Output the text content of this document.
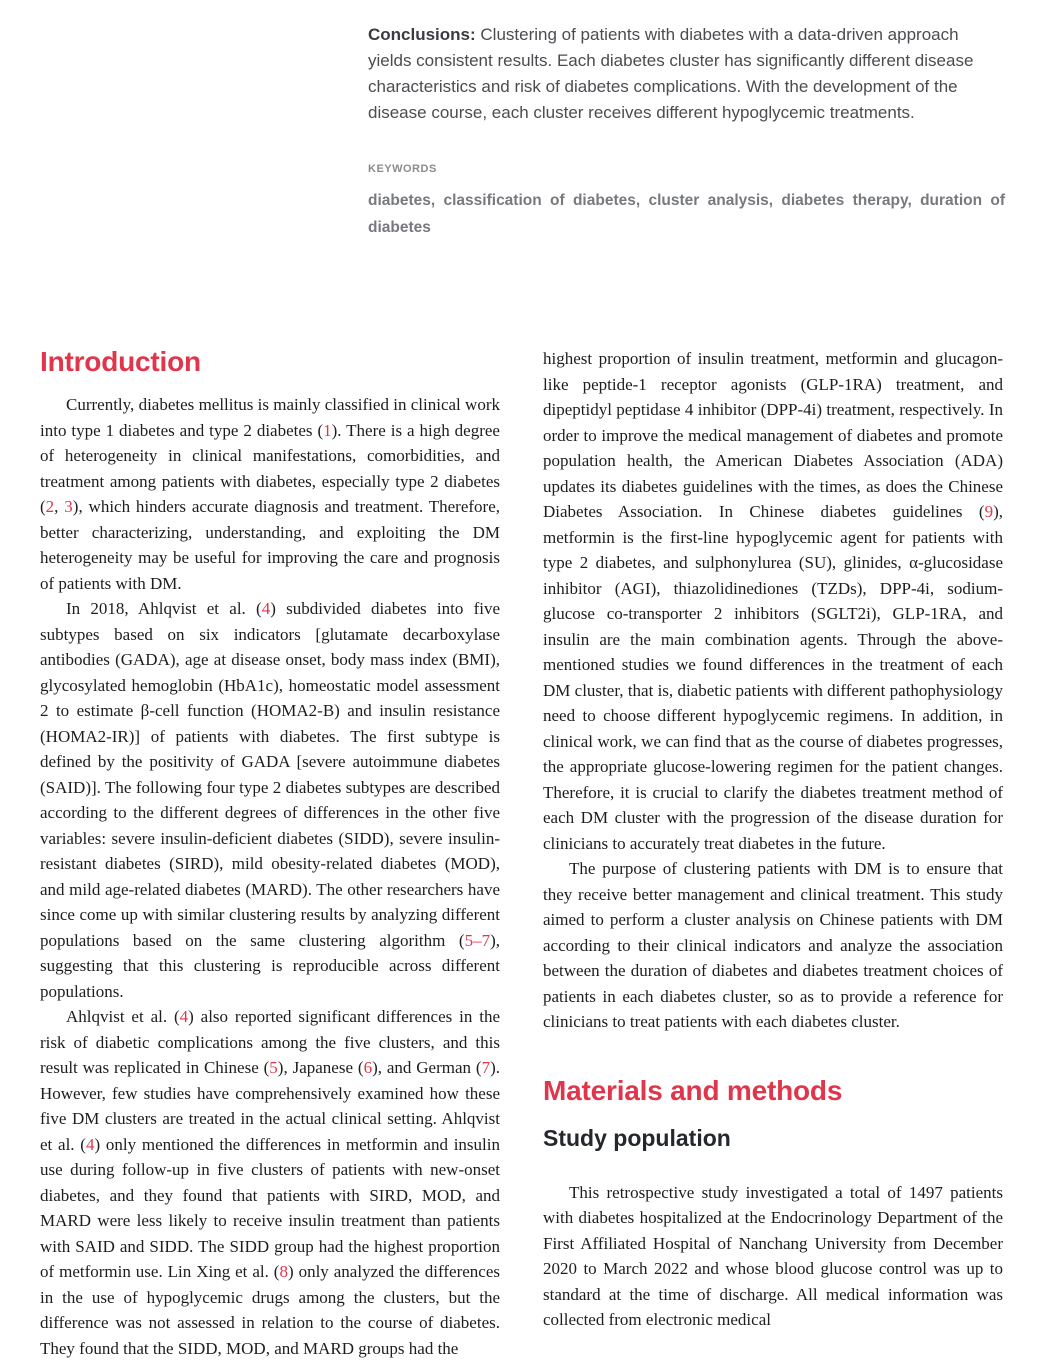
Conclusions: Clustering of patients with diabetes with a data-driven approach yields consistent results. Each diabetes cluster has significantly different disease characteristics and risk of diabetes complications. With the development of the disease course, each cluster receives different hypoglycemic treatments.

KEYWORDS

diabetes, classification of diabetes, cluster analysis, diabetes therapy, duration of diabetes

Introduction

Currently, diabetes mellitus is mainly classified in clinical work into type 1 diabetes and type 2 diabetes (1). There is a high degree of heterogeneity in clinical manifestations, comorbidities, and treatment among patients with diabetes, especially type 2 diabetes (2, 3), which hinders accurate diagnosis and treatment. Therefore, better characterizing, understanding, and exploiting the DM heterogeneity may be useful for improving the care and prognosis of patients with DM.

In 2018, Ahlqvist et al. (4) subdivided diabetes into five subtypes based on six indicators [glutamate decarboxylase antibodies (GADA), age at disease onset, body mass index (BMI), glycosylated hemoglobin (HbA1c), homeostatic model assessment 2 to estimate β-cell function (HOMA2-B) and insulin resistance (HOMA2-IR)] of patients with diabetes. The first subtype is defined by the positivity of GADA [severe autoimmune diabetes (SAID)]. The following four type 2 diabetes subtypes are described according to the different degrees of differences in the other five variables: severe insulin-deficient diabetes (SIDD), severe insulin-resistant diabetes (SIRD), mild obesity-related diabetes (MOD), and mild age-related diabetes (MARD). The other researchers have since come up with similar clustering results by analyzing different populations based on the same clustering algorithm (5–7), suggesting that this clustering is reproducible across different populations.

Ahlqvist et al. (4) also reported significant differences in the risk of diabetic complications among the five clusters, and this result was replicated in Chinese (5), Japanese (6), and German (7). However, few studies have comprehensively examined how these five DM clusters are treated in the actual clinical setting. Ahlqvist et al. (4) only mentioned the differences in metformin and insulin use during follow-up in five clusters of patients with new-onset diabetes, and they found that patients with SIRD, MOD, and MARD were less likely to receive insulin treatment than patients with SAID and SIDD. The SIDD group had the highest proportion of metformin use. Lin Xing et al. (8) only analyzed the differences in the use of hypoglycemic drugs among the clusters, but the difference was not assessed in relation to the course of diabetes. They found that the SIDD, MOD, and MARD groups had the

highest proportion of insulin treatment, metformin and glucagon-like peptide-1 receptor agonists (GLP-1RA) treatment, and dipeptidyl peptidase 4 inhibitor (DPP-4i) treatment, respectively. In order to improve the medical management of diabetes and promote population health, the American Diabetes Association (ADA) updates its diabetes guidelines with the times, as does the Chinese Diabetes Association. In Chinese diabetes guidelines (9), metformin is the first-line hypoglycemic agent for patients with type 2 diabetes, and sulphonylurea (SU), glinides, α-glucosidase inhibitor (AGI), thiazolidinediones (TZDs), DPP-4i, sodium-glucose co-transporter 2 inhibitors (SGLT2i), GLP-1RA, and insulin are the main combination agents. Through the above-mentioned studies we found differences in the treatment of each DM cluster, that is, diabetic patients with different pathophysiology need to choose different hypoglycemic regimens. In addition, in clinical work, we can find that as the course of diabetes progresses, the appropriate glucose-lowering regimen for the patient changes. Therefore, it is crucial to clarify the diabetes treatment method of each DM cluster with the progression of the disease duration for clinicians to accurately treat diabetes in the future.

The purpose of clustering patients with DM is to ensure that they receive better management and clinical treatment. This study aimed to perform a cluster analysis on Chinese patients with DM according to their clinical indicators and analyze the association between the duration of diabetes and diabetes treatment choices of patients in each diabetes cluster, so as to provide a reference for clinicians to treat patients with each diabetes cluster.

Materials and methods
Study population

This retrospective study investigated a total of 1497 patients with diabetes hospitalized at the Endocrinology Department of the First Affiliated Hospital of Nanchang University from December 2020 to March 2022 and whose blood glucose control was up to standard at the time of discharge. All medical information was collected from electronic medical
